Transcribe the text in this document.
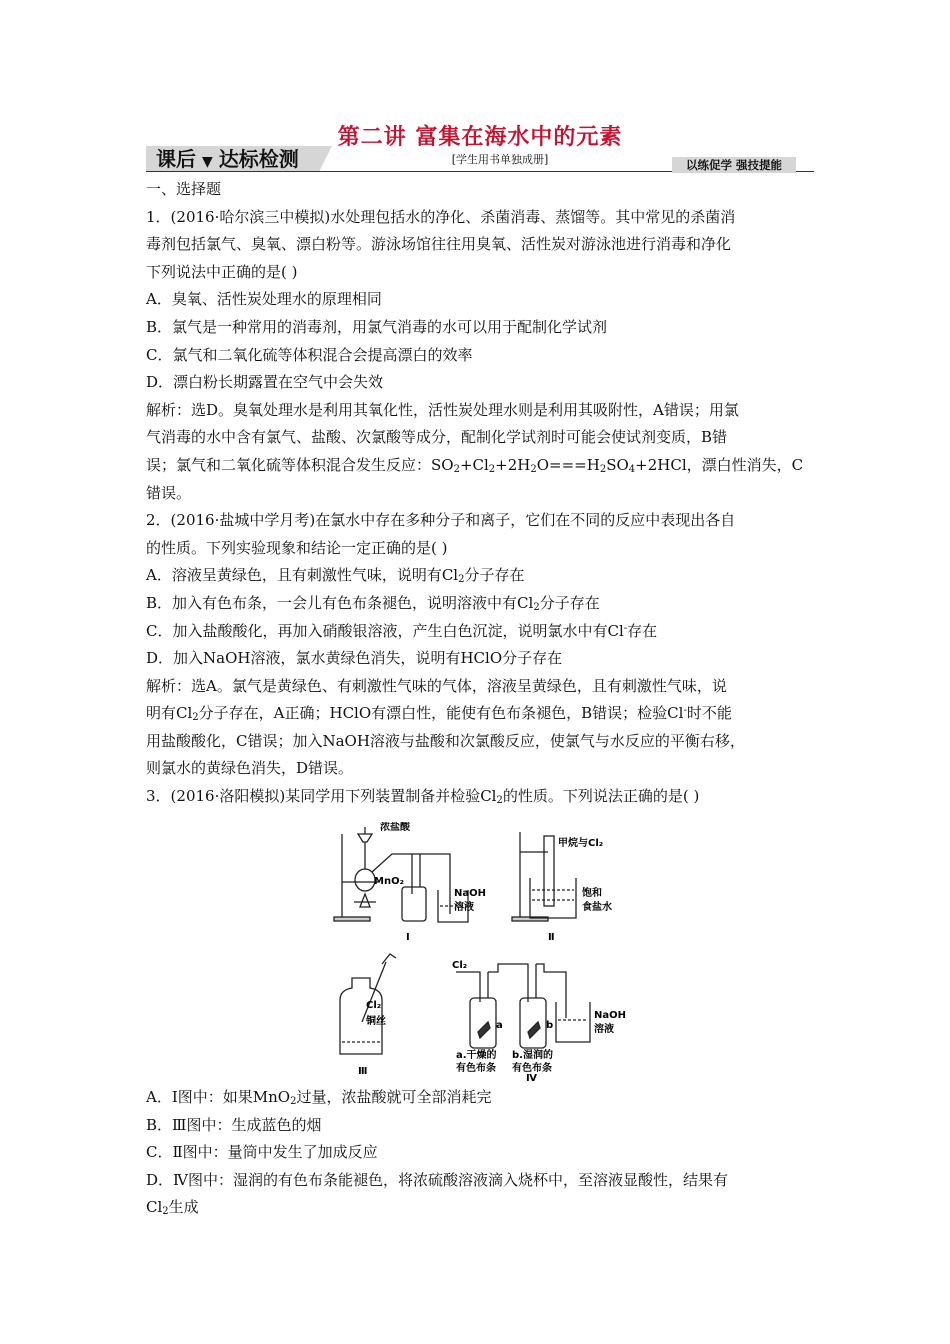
第二讲 富集在海水中的元素
课后 ▼ 达标检测	[学生用书单独成册]	以练促学 强技提能
一、选择题
1．(2016·哈尔滨三中模拟)水处理包括水的净化、杀菌消毒、蒸馏等。其中常见的杀菌消
毒剂包括氯气、臭氧、漂白粉等。游泳场馆往往用臭氧、活性炭对游泳池进行消毒和净化
下列说法中正确的是( )
A．臭氧、活性炭处理水的原理相同
B．氯气是一种常用的消毒剂，用氯气消毒的水可以用于配制化学试剂
C．氯气和二氧化硫等体积混合会提高漂白的效率
D．漂白粉长期露置在空气中会失效
解析：选D。臭氧处理水是利用其氧化性，活性炭处理水则是利用其吸附性，A错误；用氯
气消毒的水中含有氯气、盐酸、次氯酸等成分，配制化学试剂时可能会使试剂变质，B错
误；氯气和二氧化硫等体积混合发生反应：$SO_2+Cl_2+2H_2O===H_2SO_4+2HCl$，漂白性消失，C
错误。
2．(2016·盐城中学月考)在氯水中存在多种分子和离子，它们在不同的反应中表现出各自
的性质。下列实验现象和结论一定正确的是( )
A．溶液呈黄绿色，且有刺激性气味，说明有$Cl_2$分子存在
B．加入有色布条，一会儿有色布条褪色，说明溶液中有$Cl_2$分子存在
C．加入盐酸酸化，再加入硝酸银溶液，产生白色沉淀，说明氯水中有Cl-存在
D．加入NaOH溶液，氯水黄绿色消失，说明有HClO分子存在
解析：选A。氯气是黄绿色、有刺激性气味的气体，溶液呈黄绿色，且有刺激性气味，说
明有$Cl_2$分子存在，A正确；HClO有漂白性，能使有色布条褪色，B错误；检验Cl-时不能
用盐酸酸化，C错误；加入NaOH溶液与盐酸和次氯酸反应，使氯气与水反应的平衡右移，
则氯水的黄绿色消失，D错误。
3．(2016·洛阳模拟)某同学用下列装置制备并检验$Cl_2$的性质。下列说法正确的是( )
浓盐酸
MnO₂
NaOH
溶液
Ⅰ
甲烷与Cl₂
饱和
食盐水
Ⅱ
Cl₂
Cl₂
铜丝
Ⅲ
a	b
a.干燥的
有色布条
b.湿润的
有色布条
NaOH
溶液
Ⅳ
A．Ⅰ图中：如果MnO$_2$过量，浓盐酸就可全部消耗完
B．Ⅲ图中：生成蓝色的烟
C．Ⅱ图中：量筒中发生了加成反应
D．Ⅳ图中：湿润的有色布条能褪色，将浓硫酸溶液滴入烧杯中，至溶液显酸性，结果有
$Cl_2$生成
